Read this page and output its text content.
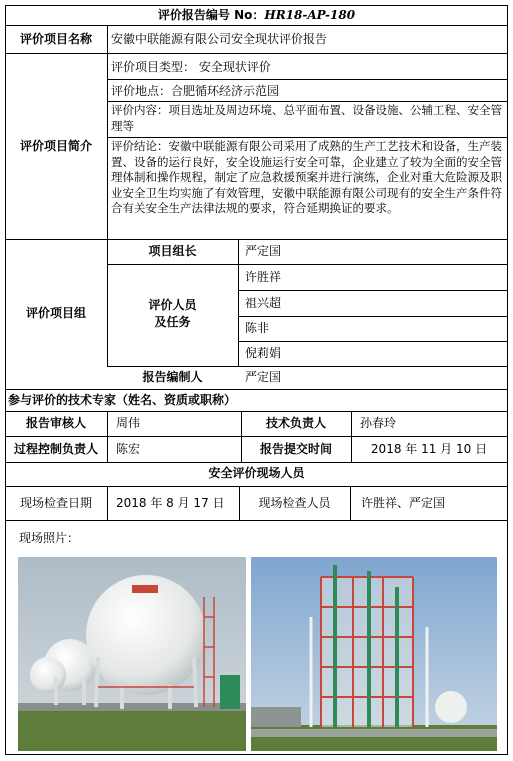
评价报告编号 No：HR18-AP-180
评价项目名称	安徽中联能源有限公司安全现状评价报告
评价项目简介
评价项目类型： 安全现状评价
评价地点：合肥循环经济示范园
评价内容：项目选址及周边环境、总平面布置、设备设施、公辅工程、安全管理等
评价结论：安徽中联能源有限公司采用了成熟的生产工艺技术和设备，生产装置、设备的运行良好，安全设施运行安全可靠，企业建立了较为全面的安全管理体制和操作规程，制定了应急救援预案并进行演练，企业对重大危险源及职业安全卫生均实施了有效管理，安徽中联能源有限公司现有的安全生产条件符合有关安全生产法律法规的要求，符合延期换证的要求。
评价项目组
项目组长	严定国
评价人员
及任务
许胜祥
祖兴超
陈非
倪莉娟
报告编制人	严定国
参与评价的技术专家（姓名、资质或职称）
报告审核人	周伟	技术负责人	孙春玲
过程控制负责人	陈宏	报告提交时间	2018 年 11 月 10 日
安全评价现场人员
现场检查日期	2018 年 8 月 17 日	现场检查人员	许胜祥、严定国
现场照片：
